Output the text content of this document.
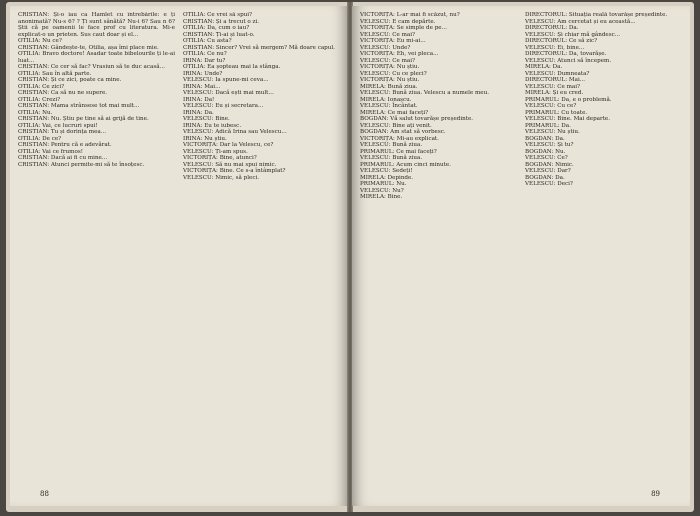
CRISTIAN: Și-o iau ca Hamlet cu întrebările: e ți anonimată? Nu-s 6? ? Ți sunt sânătă? Nu-i 6? Sau n 6? Știi că pe oamenii le face prof cu literatura. Mi-e explicat-o un prieten. Sus caut doar și el...

OTILIA: Nu ce?

CRISTIAN: Gândește-te, Otilia, așa îmi place mie.

OTILIA: Bravo doctore! Asadar toate bibelourile ți le-ai luat...

CRISTIAN: Ce cer să fac? Vrasiun să te duc acasă...

OTILIA: Sau în altă parte.

CRISTIAN: Și ce zici, poate ca mine.

OTILIA: Ce zici?

CRISTIAN: Ca să nu ne supere.

OTILIA: Crezi?

CRISTIAN: Mama strânsese tot mai mult...

OTILIA: Nu.

CRISTIAN: Nu. Știu pe tine să ai grijă de tine.

OTILIA: Vai, ce lucruri spui!

CRISTIAN: Tu și dorința mea...

OTILIA: De ce?

CRISTIAN: Pentru că e adevărat.

OTILIA: Vai ce frumos!

CRISTIAN: Dacă ai fi cu mine...

CRISTIAN: Atunci permite-mi să te însoțesc.

OTILIA: Ce vrei să spui?

CRISTIAN: Și a trecut o zi.

OTILIA: Da, cum o iau?

CRISTIAN: Ți-ai și luat-o.

OTILIA: Cu asta?

CRISTIAN: Sincer? Vrei să mergem? Mă doare capul.

OTILIA: Ce nu?

IRINA: Dar tu?

OTILIA: Ea șopteau mai la stânga.

IRINA: Unde?

VELESCU: Ia spune-mi ceva...

IRINA: Mai...

VELESCU: Dacă ești mai mult...

IRINA: Da!

VELESCU: Eu și secretara...

IRINA: Da.

VELESCU: Bine.

IRINA: Eu te iubesc.

VELESCU: Adică Irina sau Velescu...

IRINA: Nu știu.

VICTORIȚA: Dar la Velescu, ce?

VELESCU: Ți-am spus.

VICTORIȚA: Bine, atunci?

VELESCU: Să nu mai spui nimic.

VICTORIȚA: Bine. Ce s-a întâmplat?

VELESCU: Nimic, să pleci.

88

VICTORIȚA: L-ar mai fi scăzut, nu?

VELESCU: E cam depărte.

VICTORIȚA: Se simple de pe...

VELESCU: Ce mai?

VICTORIȚA: Eu mi-ai...

VELESCU: Unde?

VICTORIȚA: Eh, vei pleca...

VELESCU: Ce mai?

VICTORIȚA: Nu știu.

VELESCU: Cu ce pleci?

VICTORIȚA: Nu știu.

MIRELA: Bună ziua.

VELESCU: Bună ziua. Velescu a numele meu.

MIRELA: Ionașcu.

VELESCU: Încântat.

MIRELA: Ce mai faceți?

BOGDAN: Vă salut tovarășe președinte.

VELESCU: Bine ați venit.

BOGDAN: Am stat să vorbesc.

VICTORIȚA: Mi-au explicat.

VELESCU: Bună ziua.

PRIMARUL: Ce mai faceți?

VELESCU: Bună ziua.

PRIMARUL: Acum cinci minute.

VELESCU: Sedeți!

MIRELA: Depinde.

PRIMARUL: Nu.

VELESCU: Nu?

MIRELA: Bine.

DIRECTORUL: Situația reală tovarășe președinte.

VELESCU: Am cercetat și eu această...

DIRECTORUL: Da.

VELESCU: Și chiar mă gândesc...

DIRECTORUL: Ce să zic?

VELESCU: Ei, bine...

DIRECTORUL: Da, tovarășe.

VELESCU: Atunci să începem.

MIRELA: Da.

VELESCU: Dumneata?

DIRECTORUL: Mai...

VELESCU: Ce mai?

MIRELA: Și eu cred.

PRIMARUL: Da, e o problemă.

VELESCU: Cu ce?

PRIMARUL: Cu toate.

VELESCU: Bine. Mai departe.

PRIMARUL: Da.

VELESCU: Nu știu.

BOGDAN: Da.

VELESCU: Și tu?

BOGDAN: Nu.

VELESCU: Ce?

BOGDAN: Nimic.

VELESCU: Dar?

BOGDAN: Da.

VELESCU: Deci?

89
